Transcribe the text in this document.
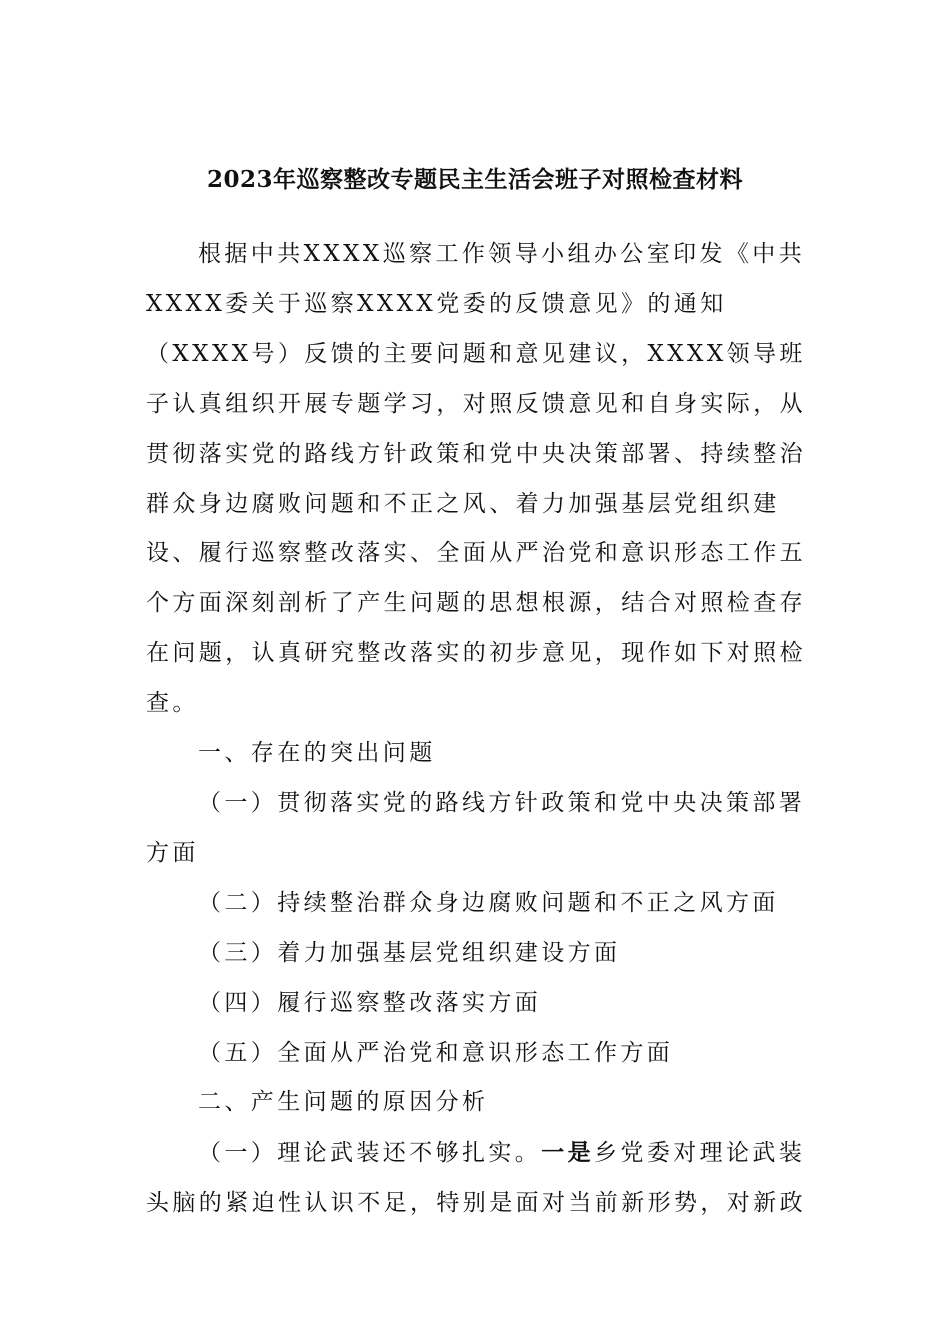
2023年巡察整改专题民主生活会班子对照检查材料

根据中共XXXX巡察工作领导小组办公室印发《中共XXXX委关于巡察XXXX党委的反馈意见》的通知（XXXX号）反馈的主要问题和意见建议，XXXX领导班子认真组织开展专题学习，对照反馈意见和自身实际，从贯彻落实党的路线方针政策和党中央决策部署、持续整治群众身边腐败问题和不正之风、着力加强基层党组织建设、履行巡察整改落实、全面从严治党和意识形态工作五个方面深刻剖析了产生问题的思想根源，结合对照检查存在问题，认真研究整改落实的初步意见，现作如下对照检查。

一、存在的突出问题

（一）贯彻落实党的路线方针政策和党中央决策部署方面

（二）持续整治群众身边腐败问题和不正之风方面

（三）着力加强基层党组织建设方面

（四）履行巡察整改落实方面

（五）全面从严治党和意识形态工作方面

二、产生问题的原因分析

（一）理论武装还不够扎实。一是乡党委对理论武装头脑的紧迫性认识不足，特别是面对当前新形势，对新政
